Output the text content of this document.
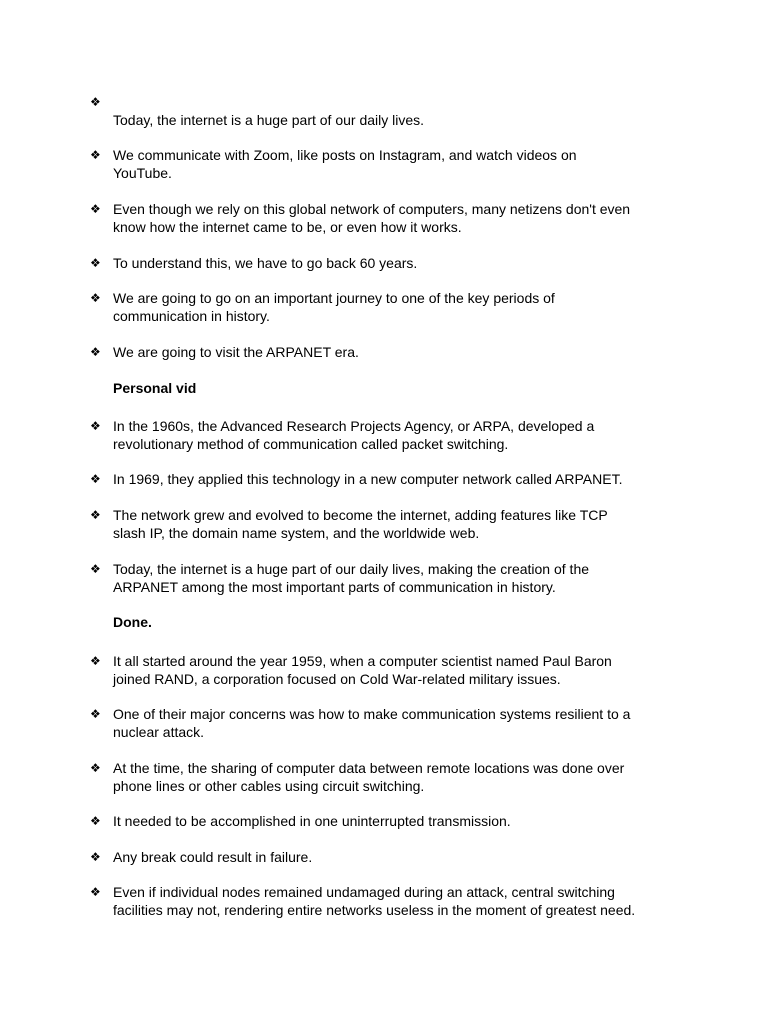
❖

Today, the internet is a huge part of our daily lives.
❖ We communicate with Zoom, like posts on Instagram, and watch videos on
YouTube.
❖ Even though we rely on this global network of computers, many netizens don't even
know how the internet came to be, or even how it works.
❖ To understand this, we have to go back 60 years.
❖ We are going to go on an important journey to one of the key periods of
communication in history.
❖ We are going to visit the ARPANET era.
Personal vid
❖ In the 1960s, the Advanced Research Projects Agency, or ARPA, developed a
revolutionary method of communication called packet switching.
❖ In 1969, they applied this technology in a new computer network called ARPANET.
❖ The network grew and evolved to become the internet, adding features like TCP
slash IP, the domain name system, and the worldwide web.
❖ Today, the internet is a huge part of our daily lives, making the creation of the
ARPANET among the most important parts of communication in history.
Done.
❖ It all started around the year 1959, when a computer scientist named Paul Baron
joined RAND, a corporation focused on Cold War-related military issues.
❖ One of their major concerns was how to make communication systems resilient to a
nuclear attack.
❖ At the time, the sharing of computer data between remote locations was done over
phone lines or other cables using circuit switching.
❖ It needed to be accomplished in one uninterrupted transmission.
❖ Any break could result in failure.
❖ Even if individual nodes remained undamaged during an attack, central switching
facilities may not, rendering entire networks useless in the moment of greatest need.
